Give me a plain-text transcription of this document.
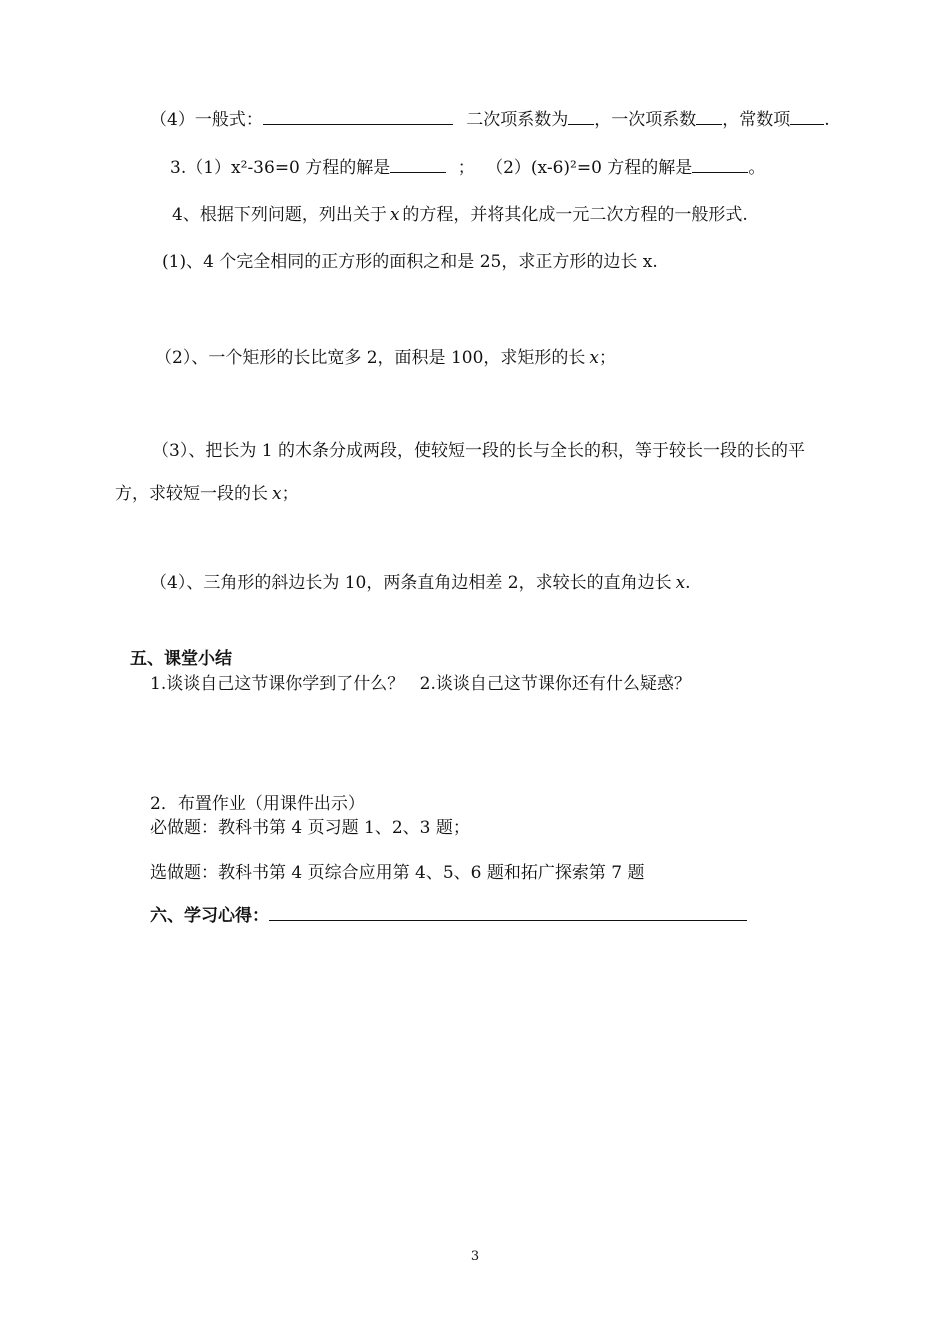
（4）一般式：	二次项系数为 ，一次项系数 ，常数项 .
3.（1）x²-36=0 方程的解是	； （2）(x-6)²=0 方程的解是	。
4、根据下列问题，列出关于 x 的方程，并将其化成一元二次方程的一般形式.
(1)、4 个完全相同的正方形的面积之和是 25，求正方形的边长 x.
（2）、一个矩形的长比宽多 2，面积是 100，求矩形的长 x；
（3）、把长为 1 的木条分成两段，使较短一段的长与全长的积，等于较长一段的长的平
方，求较短一段的长 x；
（4）、三角形的斜边长为 10，两条直角边相差 2，求较长的直角边长 x.
五、课堂小结
1.谈谈自己这节课你学到了什么？ 2.谈谈自己这节课你还有什么疑惑？
2．布置作业（用课件出示）
必做题：教科书第 4 页习题 1、2、3 题；
选做题：教科书第 4 页综合应用第 4、5、6 题和拓广探索第 7 题
六、学习心得：
3
